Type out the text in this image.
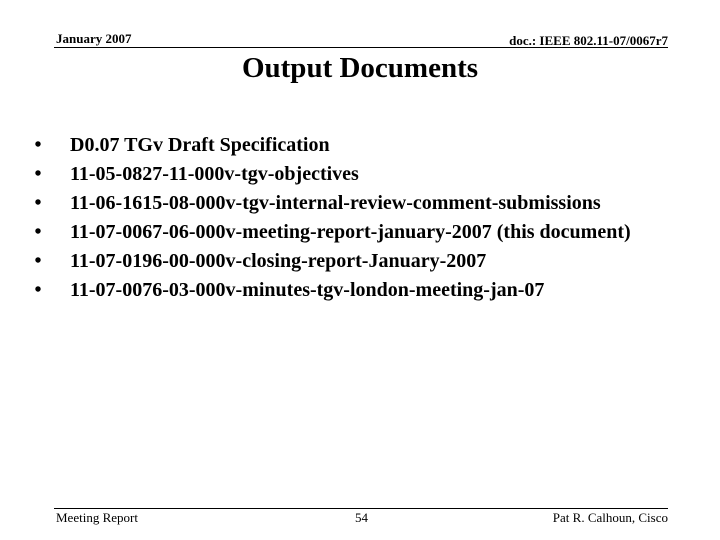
January 2007	doc.: IEEE 802.11-07/0067r7
Output Documents
•	D0.07 TGv Draft Specification
•	11-05-0827-11-000v-tgv-objectives
•	11-06-1615-08-000v-tgv-internal-review-comment-submissions
•	11-07-0067-06-000v-meeting-report-january-2007 (this document)
•	11-07-0196-00-000v-closing-report-January-2007
•	11-07-0076-03-000v-minutes-tgv-london-meeting-jan-07
Meeting Report	54	Pat R. Calhoun, Cisco
